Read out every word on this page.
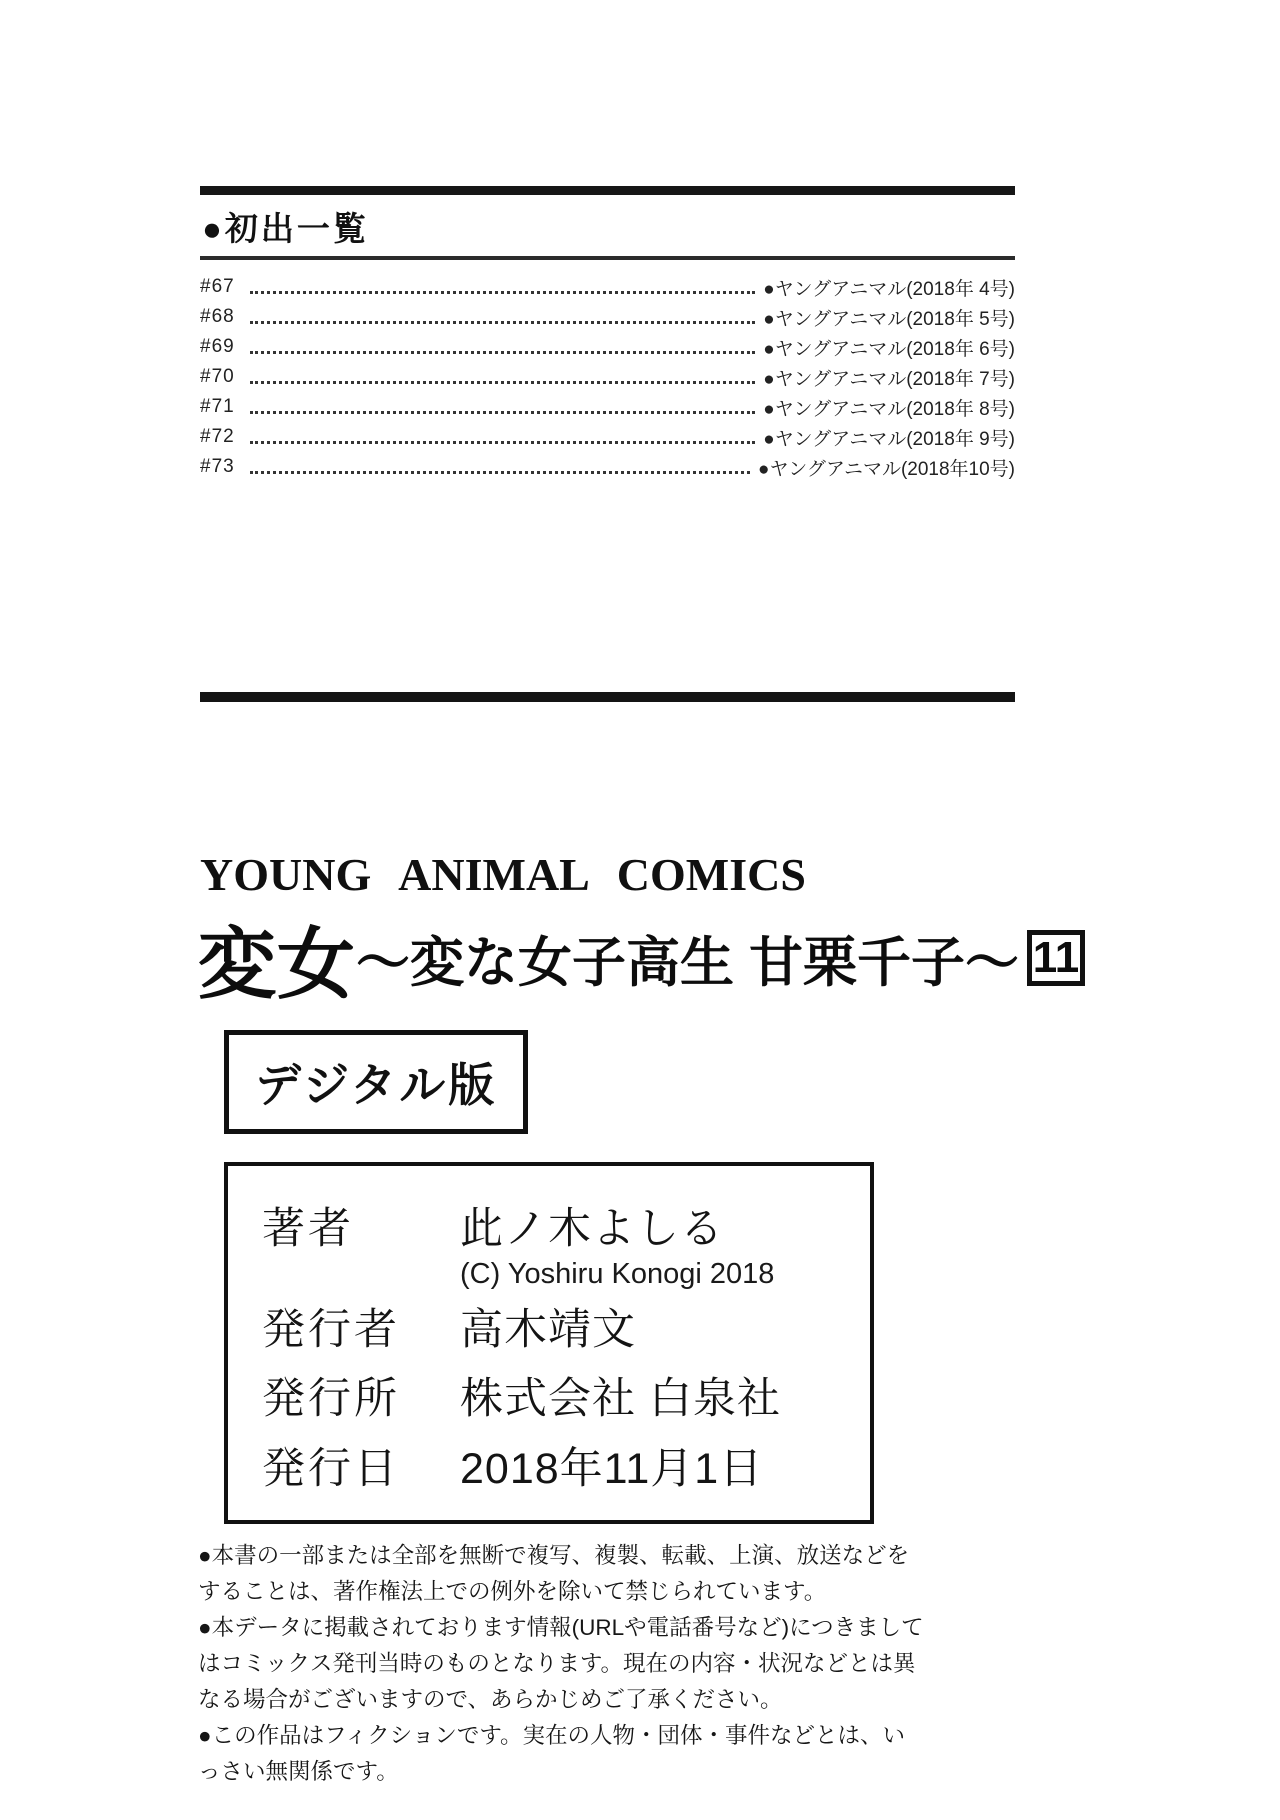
●初出一覧
#67	●ヤングアニマル(2018年 4号)
#68	●ヤングアニマル(2018年 5号)
#69	●ヤングアニマル(2018年 6号)
#70	●ヤングアニマル(2018年 7号)
#71	●ヤングアニマル(2018年 8号)
#72	●ヤングアニマル(2018年 9号)
#73	●ヤングアニマル(2018年10号)
YOUNG ANIMAL COMICS
変女 〜変な女子高生 甘栗千子〜 11
デジタル版
著者	此ノ木よしる
(C) Yoshiru Konogi 2018
発行者	高木靖文
発行所	株式会社 白泉社
発行日	2018年11月1日

●本書の一部または全部を無断で複写、複製、転載、上演、放送などをすることは、著作権法上での例外を除いて禁じられています。

●本データに掲載されております情報(URLや電話番号など)につきましてはコミックス発刊当時のものとなります。現在の内容・状況などとは異なる場合がございますので、あらかじめご了承ください。

●この作品はフィクションです。実在の人物・団体・事件などとは、いっさい無関係です。
